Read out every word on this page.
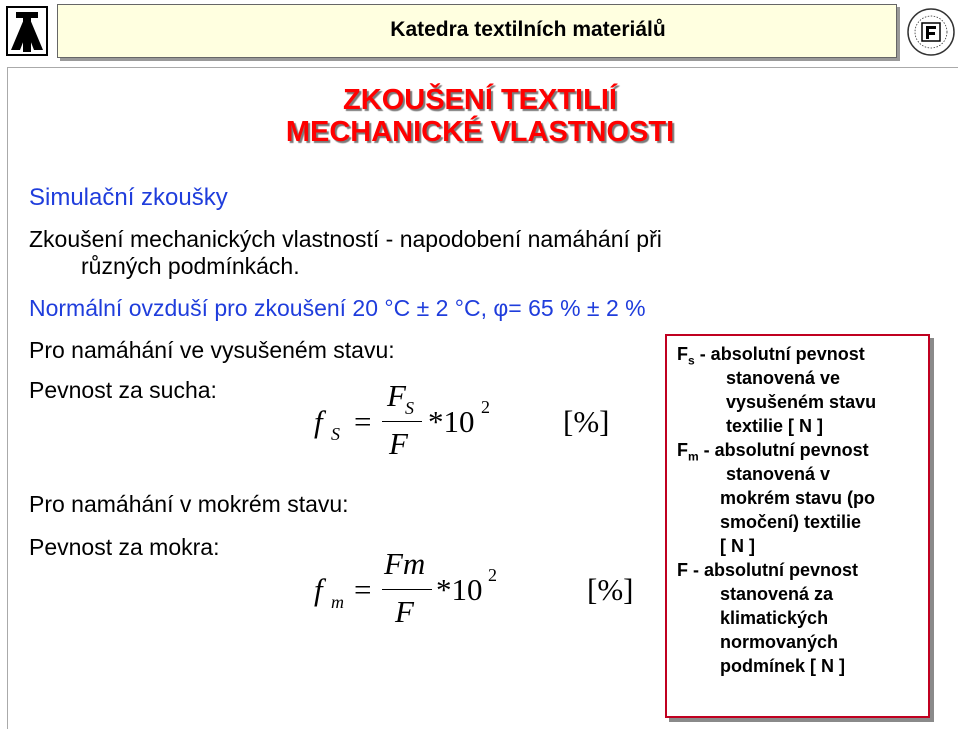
Katedra textilních materiálů
ZKOUŠENÍ TEXTILIÍ
MECHANICKÉ VLASTNOSTI
Simulační zkoušky
Zkoušení mechanických vlastností - napodobení namáhání při
různých podmínkách.
Normální ovzduší pro zkoušení 20 °C ± 2 °C, φ= 65 % ± 2 %
Pro namáhání ve vysušeném stavu:
Pevnost za sucha:
Pro namáhání v mokrém stavu:
Pevnost za mokra:
f S =
F S
F
*10 2 [%]
f m =
Fm
F
*10 2	[%]
$F_s$ - absolutní pevnost
stanovená ve
vysušeném stavu
textilie [ N ]
$F_m$ - absolutní pevnost
stanovená v
mokrém stavu (po
smočení) textilie
[ N ]
F - absolutní pevnost
stanovená za
klimatických
normovaných
podmínek [ N ]
